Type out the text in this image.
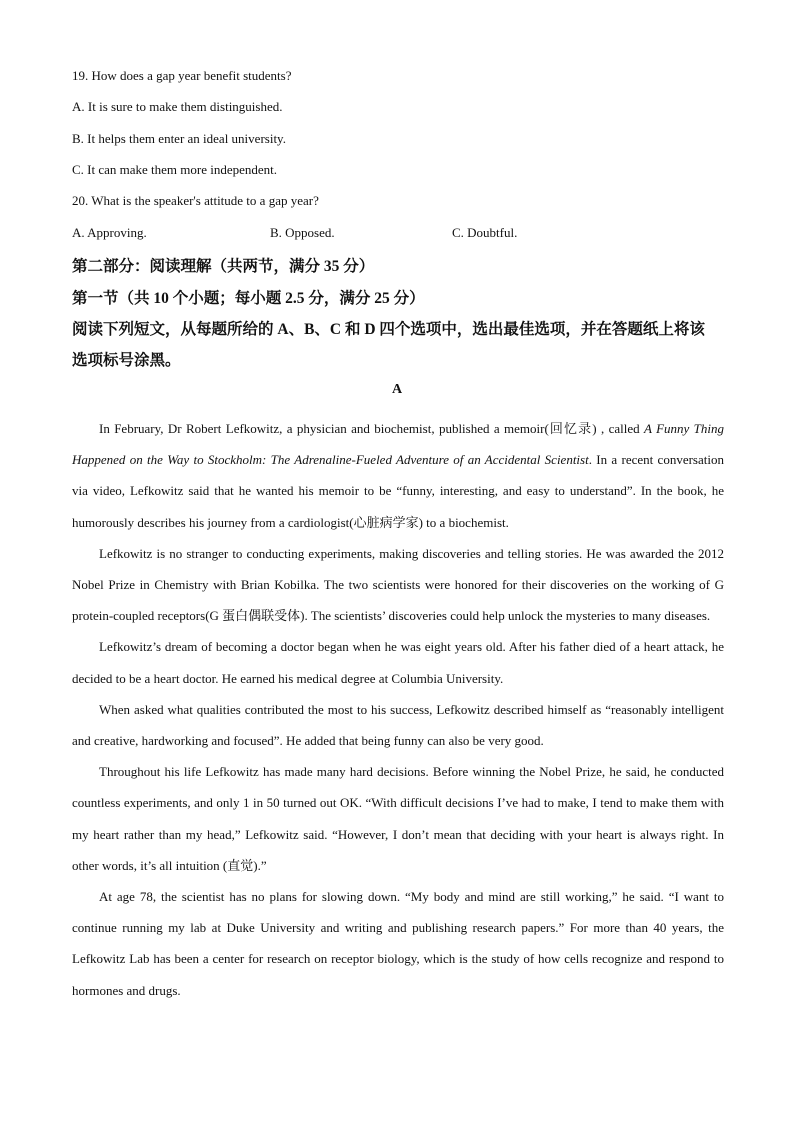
19. How does a gap year benefit students?
A. It is sure to make them distinguished.
B. It helps them enter an ideal university.
C. It can make them more independent.
20. What is the speaker's attitude to a gap year?
A. Approving.	B. Opposed.	C. Doubtful.
第二部分：阅读理解（共两节，满分 35 分）
第一节（共 10 个小题；每小题 2.5 分，满分 25 分）
阅读下列短文，从每题所给的 A、B、C 和 D 四个选项中，选出最佳选项，并在答题纸上将该
选项标号涂黑。
A

In February, Dr Robert Lefkowitz, a physician and biochemist, published a memoir(回忆录) , called A Funny Thing Happened on the Way to Stockholm: The Adrenaline-Fueled Adventure of an Accidental Scientist. In a recent conversation via video, Lefkowitz said that he wanted his memoir to be “funny, interesting, and easy to understand”. In the book, he humorously describes his journey from a cardiologist(心脏病学家) to a biochemist.

Lefkowitz is no stranger to conducting experiments, making discoveries and telling stories. He was awarded the 2012 Nobel Prize in Chemistry with Brian Kobilka. The two scientists were honored for their discoveries on the working of G protein-coupled receptors(G 蛋白偶联受体). The scientists’ discoveries could help unlock the mysteries to many diseases.

Lefkowitz’s dream of becoming a doctor began when he was eight years old. After his father died of a heart attack, he decided to be a heart doctor. He earned his medical degree at Columbia University.

When asked what qualities contributed the most to his success, Lefkowitz described himself as “reasonably intelligent and creative, hardworking and focused”. He added that being funny can also be very good.

Throughout his life Lefkowitz has made many hard decisions. Before winning the Nobel Prize, he said, he conducted countless experiments, and only 1 in 50 turned out OK. “With difficult decisions I’ve had to make, I tend to make them with my heart rather than my head,” Lefkowitz said. “However, I don’t mean that deciding with your heart is always right. In other words, it’s all intuition (直觉).”

At age 78, the scientist has no plans for slowing down. “My body and mind are still working,” he said. “I want to continue running my lab at Duke University and writing and publishing research papers.” For more than 40 years, the Lefkowitz Lab has been a center for research on receptor biology, which is the study of how cells recognize and respond to hormones and drugs.
